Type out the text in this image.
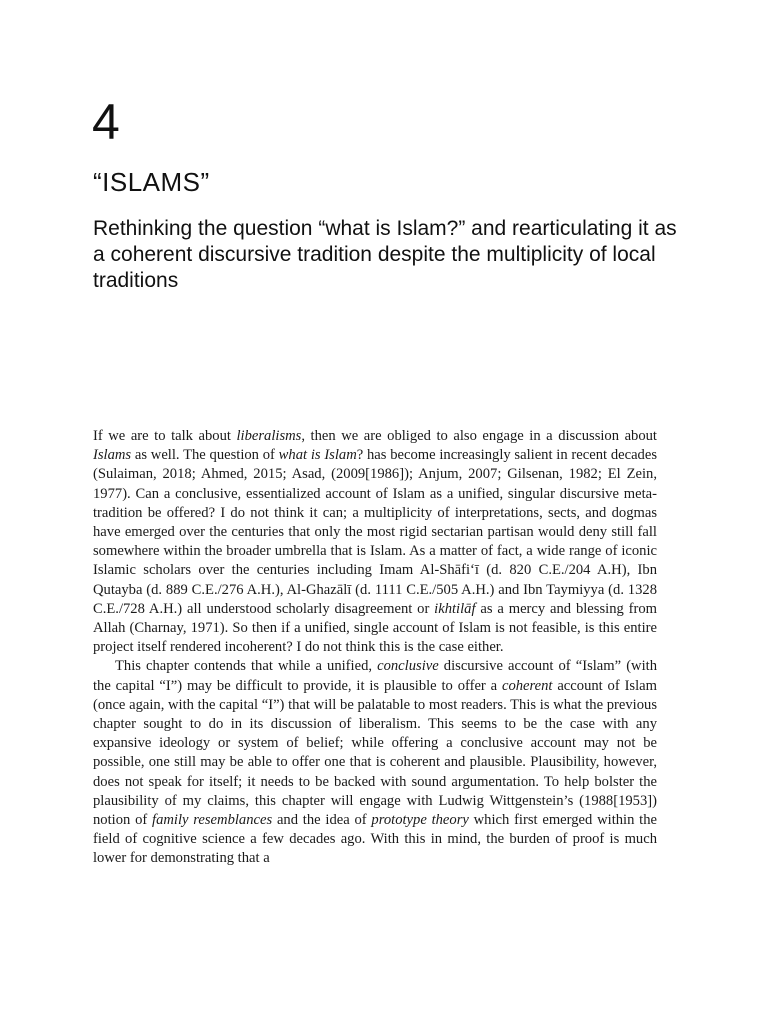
4
“ISLAMS”
Rethinking the question “what is Islam?” and rearticulating it as a coherent discursive tradition despite the multiplicity of local traditions

If we are to talk about liberalisms, then we are obliged to also engage in a discussion about Islams as well. The question of what is Islam? has become increasingly salient in recent decades (Sulaiman, 2018; Ahmed, 2015; Asad, (2009[1986]); Anjum, 2007; Gilsenan, 1982; El Zein, 1977). Can a conclusive, essentialized account of Islam as a unified, singular discursive meta-tradition be offered? I do not think it can; a multiplicity of interpretations, sects, and dogmas have emerged over the centuries that only the most rigid sectarian partisan would deny still fall somewhere within the broader umbrella that is Islam. As a matter of fact, a wide range of iconic Islamic scholars over the centuries including Imam Al-Shāfi‘ī (d. 820 C.E./204 A.H), Ibn Qutayba (d. 889 C.E./276 A.H.), Al-Ghazālī (d. 1111 C.E./505 A.H.) and Ibn Taymiyya (d. 1328 C.E./728 A.H.) all understood scholarly disagreement or ikhtilāf as a mercy and blessing from Allah (Charnay, 1971). So then if a unified, single account of Islam is not feasible, is this entire project itself rendered incoherent? I do not think this is the case either.

This chapter contends that while a unified, conclusive discursive account of “Islam” (with the capital “I”) may be difficult to provide, it is plausible to offer a coherent account of Islam (once again, with the capital “I”) that will be palatable to most readers. This is what the previous chapter sought to do in its discussion of liberalism. This seems to be the case with any expansive ideology or system of belief; while offering a conclusive account may not be possible, one still may be able to offer one that is coherent and plausible. Plausibility, however, does not speak for itself; it needs to be backed with sound argumentation. To help bolster the plausibility of my claims, this chapter will engage with Ludwig Wittgenstein’s (1988[1953]) notion of family resemblances and the idea of prototype theory which first emerged within the field of cognitive science a few decades ago. With this in mind, the burden of proof is much lower for demonstrating that a
